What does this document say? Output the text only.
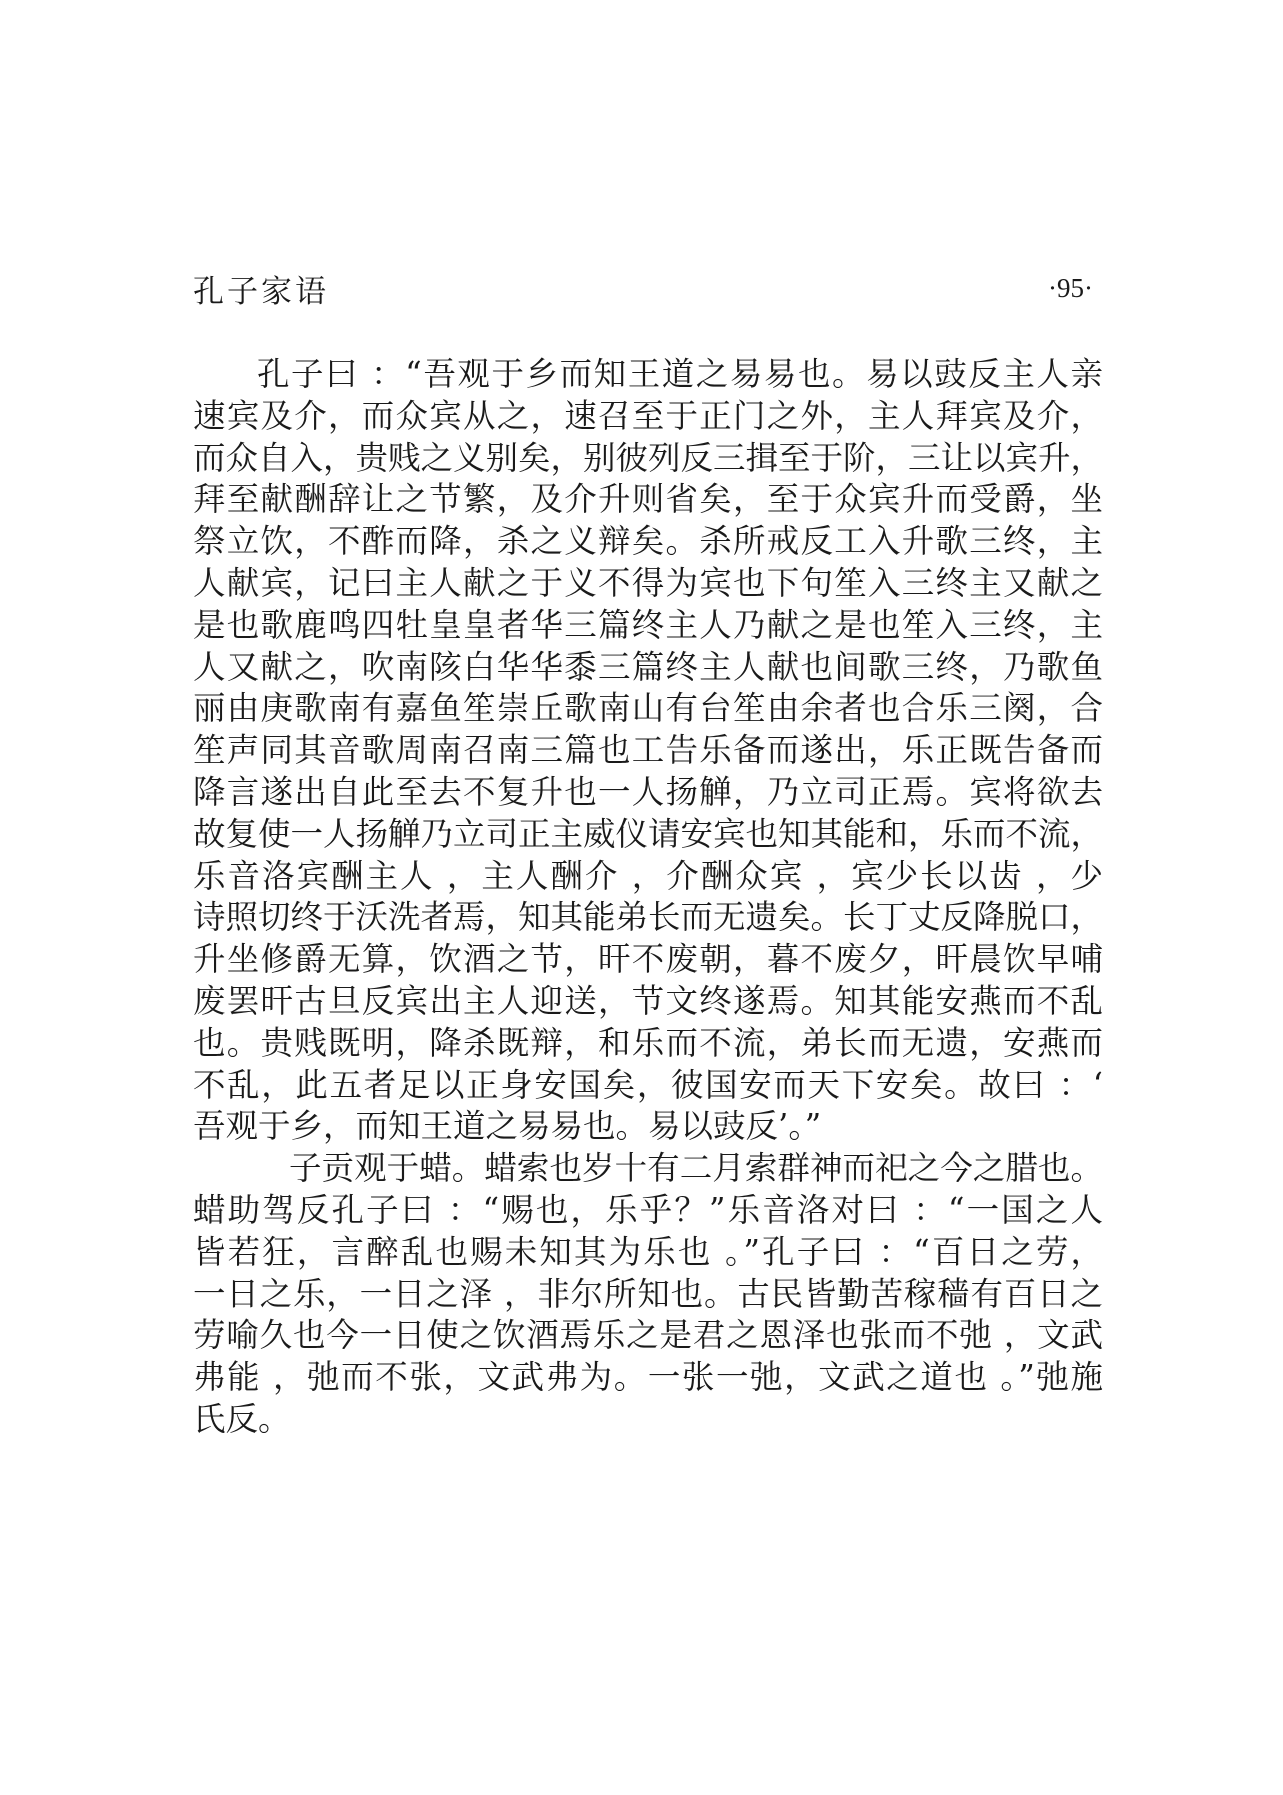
孔子家语	·95·
孔子曰 ：“吾观于乡而知王道之易易也。易以豉反主人亲
速宾及介，而众宾从之，速召至于正门之外，主人拜宾及介，
而众自入，贵贱之义别矣，别彼列反三揖至于阶，三让以宾升，
拜至献酬辞让之节繁，及介升则省矣，至于众宾升而受爵，坐
祭立饮，不酢而降，杀之义辩矣。杀所戒反工入升歌三终，主
人献宾，记曰主人献之于义不得为宾也下句笙入三终主又献之
是也歌鹿鸣四牡皇皇者华三篇终主人乃献之是也笙入三终，主
人又献之，吹南陔白华华黍三篇终主人献也间歌三终，乃歌鱼
丽由庚歌南有嘉鱼笙崇丘歌南山有台笙由余者也合乐三阕，合
笙声同其音歌周南召南三篇也工告乐备而遂出，乐正既告备而
降言遂出自此至去不复升也一人扬觯，乃立司正焉。宾将欲去
故复使一人扬觯乃立司正主威仪请安宾也知其能和，乐而不流，
乐音洛宾酬主人 ，主人酬介 ，介酬众宾 ，宾少长以齿 ，少
诗照切终于沃洗者焉，知其能弟长而无遗矣。长丁丈反降脱口，
升坐修爵无算，饮酒之节，旰不废朝，暮不废夕，旰晨饮早哺
废罢旰古旦反宾出主人迎送，节文终遂焉。知其能安燕而不乱
也。贵贱既明，降杀既辩，和乐而不流，弟长而无遗，安燕而
不乱，此五者足以正身安国矣，彼国安而天下安矣。故曰 ：‘
吾观于乡，而知王道之易易也。易以豉反’。”
子贡观于蜡。蜡索也岁十有二月索群神而祀之今之腊也。
蜡助驾反孔子曰 ：“赐也，乐乎？”乐音洛对曰 ：“一国之人
皆若狂，言醉乱也赐未知其为乐也 。”孔子曰 ：“百日之劳，
一日之乐，一日之泽 ，非尔所知也。古民皆勤苦稼穑有百日之
劳喻久也今一日使之饮酒焉乐之是君之恩泽也张而不弛 ，文武
弗能 ，弛而不张，文武弗为。一张一弛，文武之道也 。”弛施
氏反。
